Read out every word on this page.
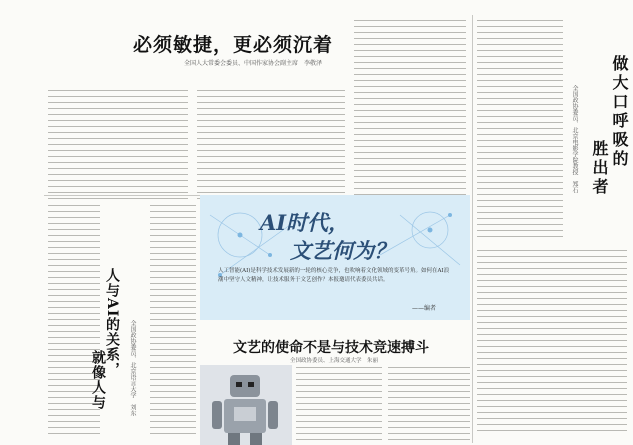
必须敏捷，更必须沉着
全国人大常委会委员、中国作家协会副主席　李敬泽
人与AI的关系，
就像人与	全国政协委员、北京语言大学　刘东
AI时代，
文艺何为？
人工智能(AI)是科学技术发展新的一轮的核心竞争，也吹响着文化领域的变革号角。如何在AI浪潮中坚守人文精神，让技术服务于文艺创作？本报邀请代表委员共话。
——编者
文艺的使命不是与技术竞速搏斗
全国政协委员、上海交通大学　朱丽
做大口呼吸的
胜出者
全国政协委员、北京电影学院教授　郑石
